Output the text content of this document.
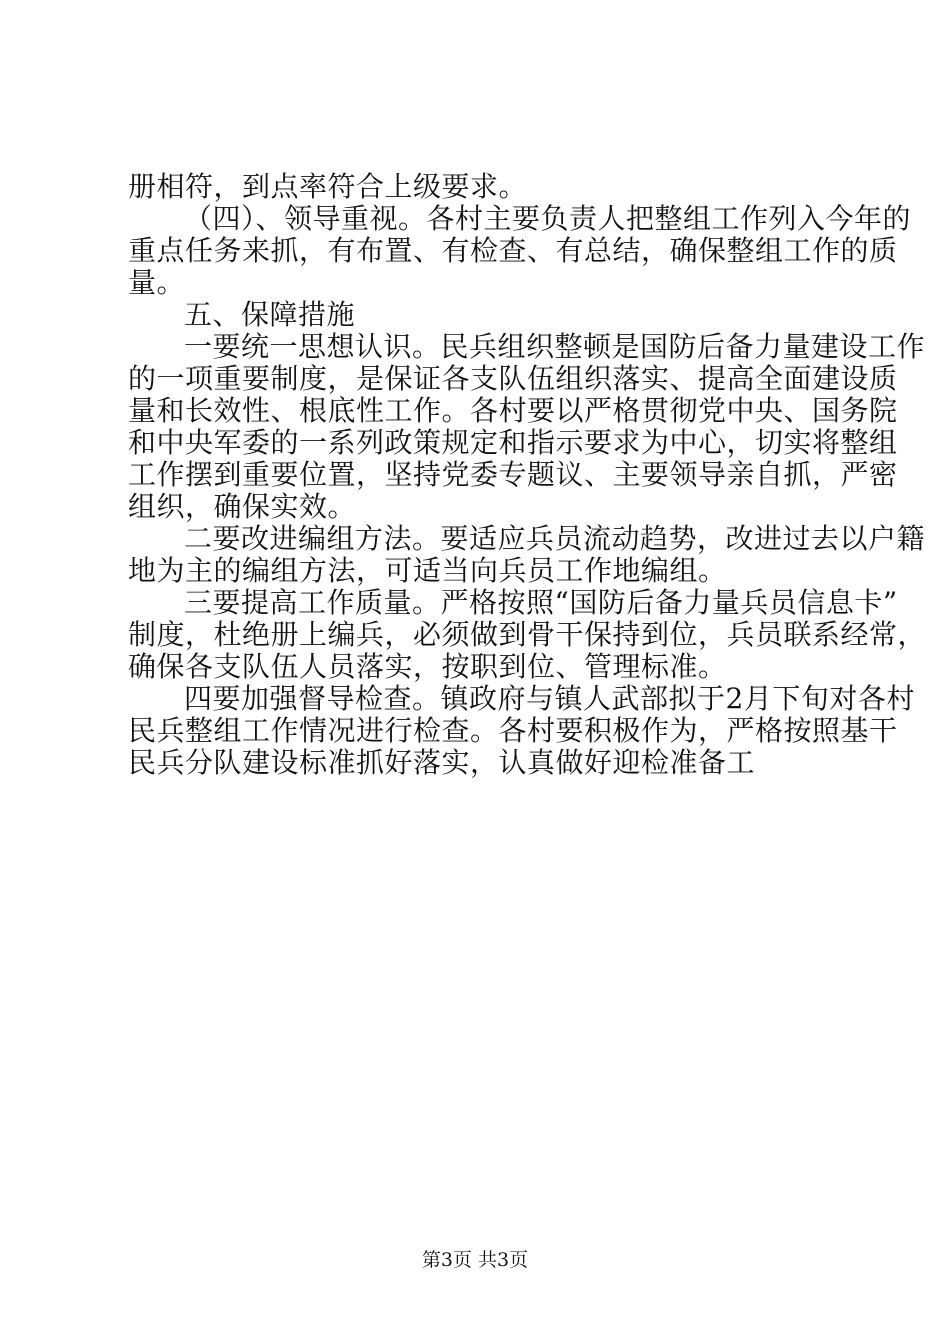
册相符，到点率符合上级要求。
（四）、领导重视。各村主要负责人把整组工作列入今年的
重点任务来抓，有布置、有检查、有总结，确保整组工作的质
量。
五、保障措施
一要统一思想认识。民兵组织整顿是国防后备力量建设工作
的一项重要制度，是保证各支队伍组织落实、提高全面建设质
量和长效性、根底性工作。各村要以严格贯彻党中央、国务院
和中央军委的一系列政策规定和指示要求为中心，切实将整组
工作摆到重要位置，坚持党委专题议、主要领导亲自抓，严密
组织，确保实效。
二要改进编组方法。要适应兵员流动趋势，改进过去以户籍
地为主的编组方法，可适当向兵员工作地编组。
三要提高工作质量。严格按照“国防后备力量兵员信息卡”
制度，杜绝册上编兵，必须做到骨干保持到位，兵员联系经常，
确保各支队伍人员落实，按职到位、管理标准。
四要加强督导检查。镇政府与镇人武部拟于2月下旬对各村
民兵整组工作情况进行检查。各村要积极作为，严格按照基干
民兵分队建设标准抓好落实，认真做好迎检准备工
第3页 共3页
